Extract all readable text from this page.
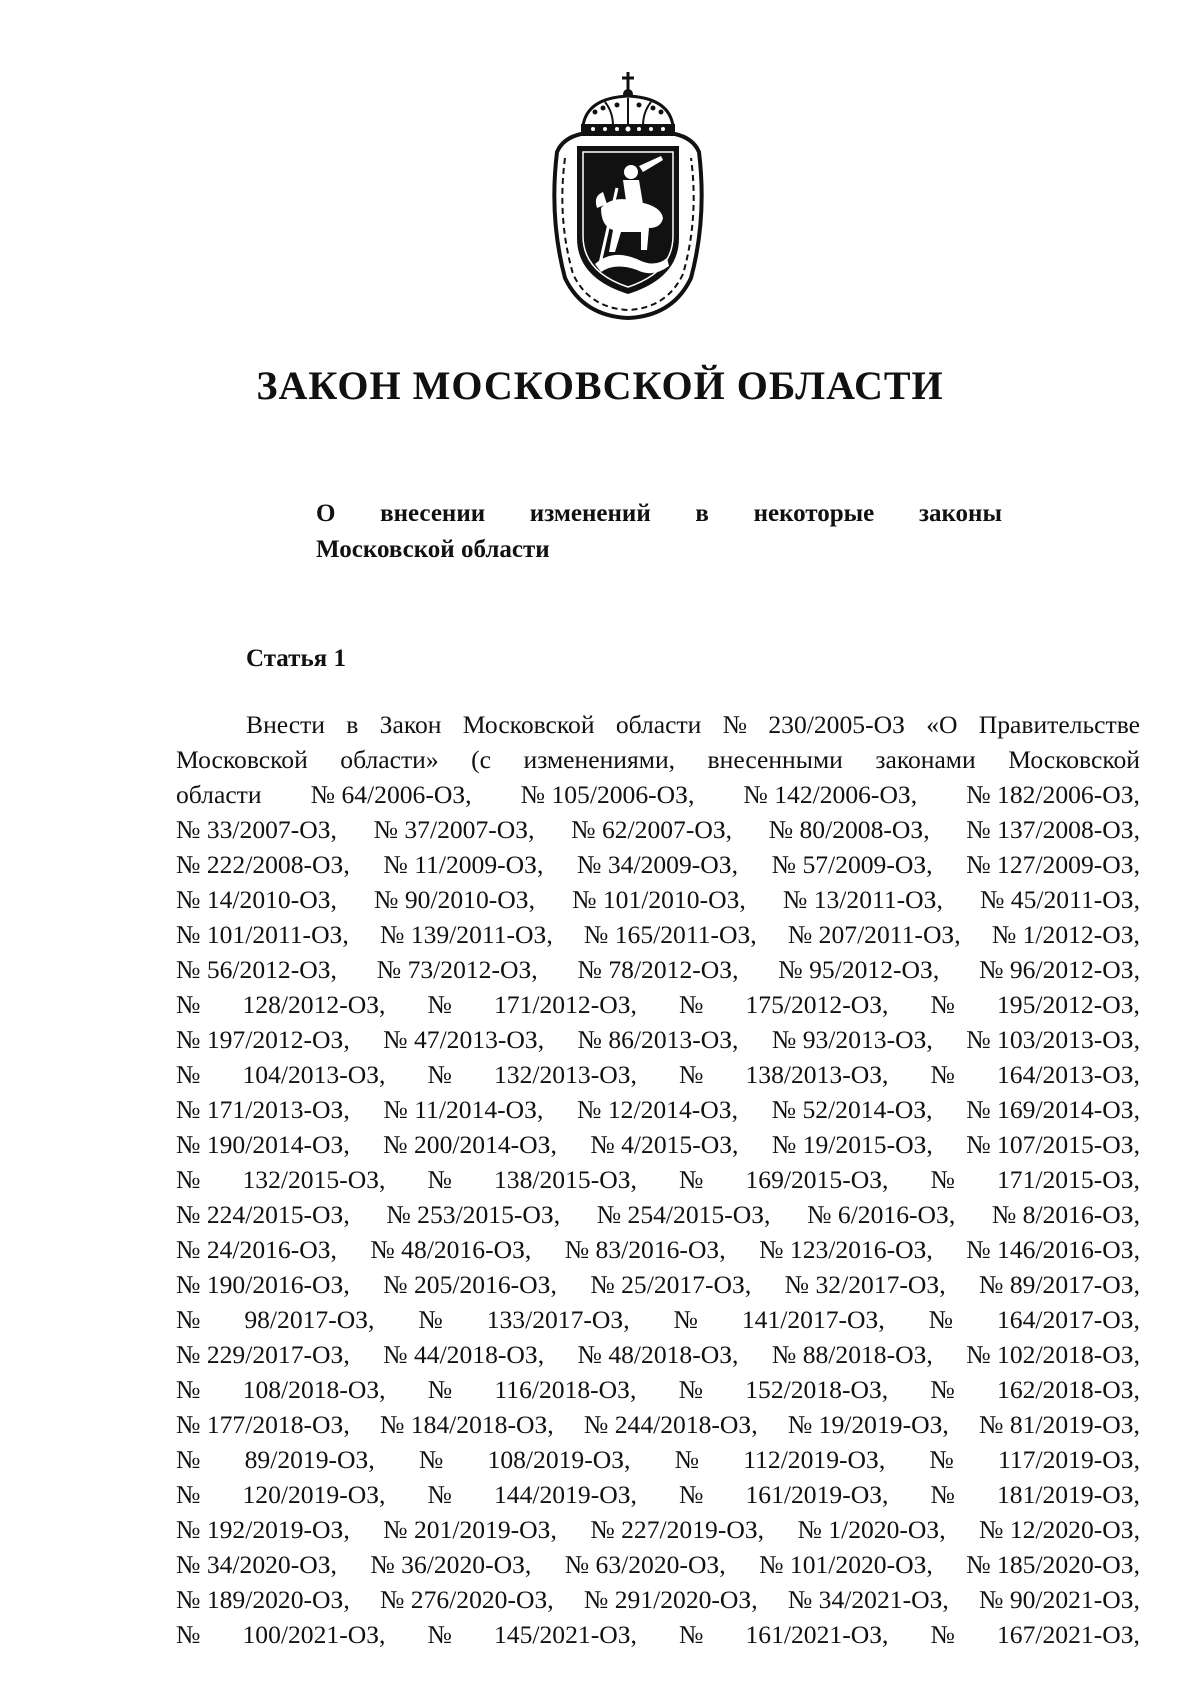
ЗАКОН МОСКОВСКОЙ ОБЛАСТИ
О внесении изменений в некоторые законы
Московской области
Статья 1
Внести в Закон Московской области № 230/2005-ОЗ «О Правительстве
Московской области» (с изменениями, внесенными законами Московской
области № 64/2006-ОЗ, № 105/2006-ОЗ, № 142/2006-ОЗ, № 182/2006-ОЗ,
№ 33/2007-ОЗ, № 37/2007-ОЗ, № 62/2007-ОЗ, № 80/2008-ОЗ, № 137/2008-ОЗ,
№ 222/2008-ОЗ, № 11/2009-ОЗ, № 34/2009-ОЗ, № 57/2009-ОЗ, № 127/2009-ОЗ,
№ 14/2010-ОЗ, № 90/2010-ОЗ, № 101/2010-ОЗ, № 13/2011-ОЗ, № 45/2011-ОЗ,
№ 101/2011-ОЗ, № 139/2011-ОЗ, № 165/2011-ОЗ, № 207/2011-ОЗ, № 1/2012-ОЗ,
№ 56/2012-ОЗ, № 73/2012-ОЗ, № 78/2012-ОЗ, № 95/2012-ОЗ, № 96/2012-ОЗ,
№ 128/2012-ОЗ, № 171/2012-ОЗ, № 175/2012-ОЗ, № 195/2012-ОЗ,
№ 197/2012-ОЗ, № 47/2013-ОЗ, № 86/2013-ОЗ, № 93/2013-ОЗ, № 103/2013-ОЗ,
№ 104/2013-ОЗ, № 132/2013-ОЗ, № 138/2013-ОЗ, № 164/2013-ОЗ,
№ 171/2013-ОЗ, № 11/2014-ОЗ, № 12/2014-ОЗ, № 52/2014-ОЗ, № 169/2014-ОЗ,
№ 190/2014-ОЗ, № 200/2014-ОЗ, № 4/2015-ОЗ, № 19/2015-ОЗ, № 107/2015-ОЗ,
№ 132/2015-ОЗ, № 138/2015-ОЗ, № 169/2015-ОЗ, № 171/2015-ОЗ,
№ 224/2015-ОЗ, № 253/2015-ОЗ, № 254/2015-ОЗ, № 6/2016-ОЗ, № 8/2016-ОЗ,
№ 24/2016-ОЗ, № 48/2016-ОЗ, № 83/2016-ОЗ, № 123/2016-ОЗ, № 146/2016-ОЗ,
№ 190/2016-ОЗ, № 205/2016-ОЗ, № 25/2017-ОЗ, № 32/2017-ОЗ, № 89/2017-ОЗ,
№ 98/2017-ОЗ, № 133/2017-ОЗ, № 141/2017-ОЗ, № 164/2017-ОЗ,
№ 229/2017-ОЗ, № 44/2018-ОЗ, № 48/2018-ОЗ, № 88/2018-ОЗ, № 102/2018-ОЗ,
№ 108/2018-ОЗ, № 116/2018-ОЗ, № 152/2018-ОЗ, № 162/2018-ОЗ,
№ 177/2018-ОЗ, № 184/2018-ОЗ, № 244/2018-ОЗ, № 19/2019-ОЗ, № 81/2019-ОЗ,
№ 89/2019-ОЗ, № 108/2019-ОЗ, № 112/2019-ОЗ, № 117/2019-ОЗ,
№ 120/2019-ОЗ, № 144/2019-ОЗ, № 161/2019-ОЗ, № 181/2019-ОЗ,
№ 192/2019-ОЗ, № 201/2019-ОЗ, № 227/2019-ОЗ, № 1/2020-ОЗ, № 12/2020-ОЗ,
№ 34/2020-ОЗ, № 36/2020-ОЗ, № 63/2020-ОЗ, № 101/2020-ОЗ, № 185/2020-ОЗ,
№ 189/2020-ОЗ, № 276/2020-ОЗ, № 291/2020-ОЗ, № 34/2021-ОЗ, № 90/2021-ОЗ,
№ 100/2021-ОЗ, № 145/2021-ОЗ, № 161/2021-ОЗ, № 167/2021-ОЗ,
